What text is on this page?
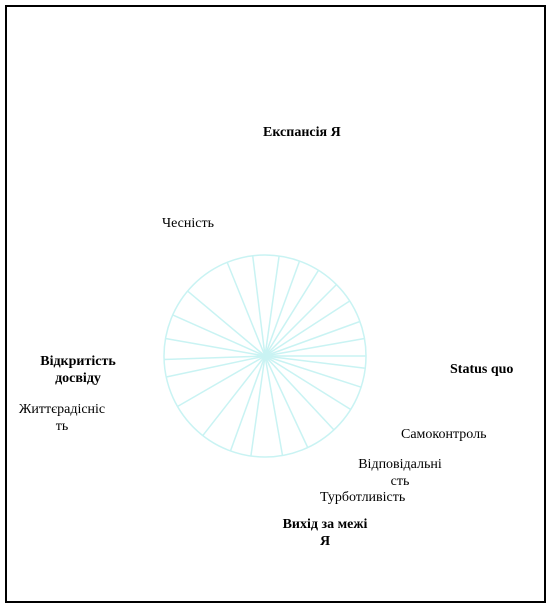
Експансія Я
Чесність
Відкритість
досвіду
Життєрадісніс
ть
Status quo
Самоконтроль
Відповідальні
сть
Турботливість
Вихід за межі
Я
